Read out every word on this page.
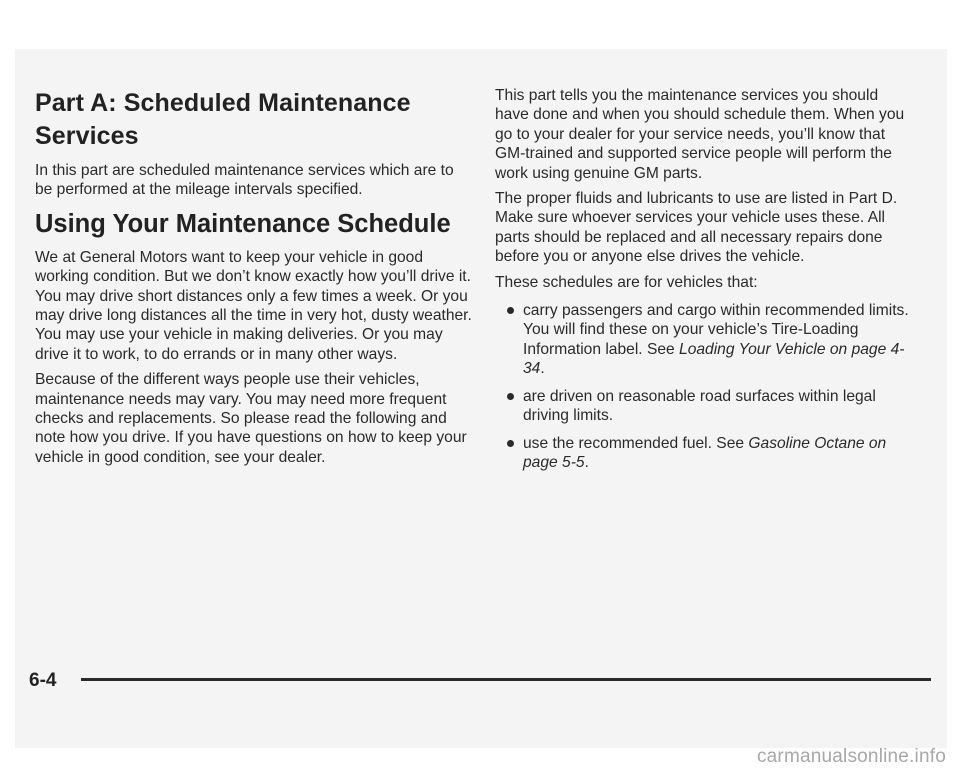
Part A: Scheduled Maintenance Services

In this part are scheduled maintenance services which are to be performed at the mileage intervals specified.

Using Your Maintenance Schedule

We at General Motors want to keep your vehicle in good working condition. But we don’t know exactly how you’ll drive it. You may drive short distances only a few times a week. Or you may drive long distances all the time in very hot, dusty weather. You may use your vehicle in making deliveries. Or you may drive it to work, to do errands or in many other ways.

Because of the different ways people use their vehicles, maintenance needs may vary. You may need more frequent checks and replacements. So please read the following and note how you drive. If you have questions on how to keep your vehicle in good condition, see your dealer.

This part tells you the maintenance services you should have done and when you should schedule them. When you go to your dealer for your service needs, you’ll know that GM-trained and supported service people will perform the work using genuine GM parts.

The proper fluids and lubricants to use are listed in Part D. Make sure whoever services your vehicle uses these. All parts should be replaced and all necessary repairs done before you or anyone else drives the vehicle.

These schedules are for vehicles that:

carry passengers and cargo within recommended limits. You will find these on your vehicle’s Tire-Loading Information label. See Loading Your Vehicle on page 4-34.
are driven on reasonable road surfaces within legal driving limits.
use the recommended fuel. See Gasoline Octane on page 5-5.
6-4
carmanualsonline.info
